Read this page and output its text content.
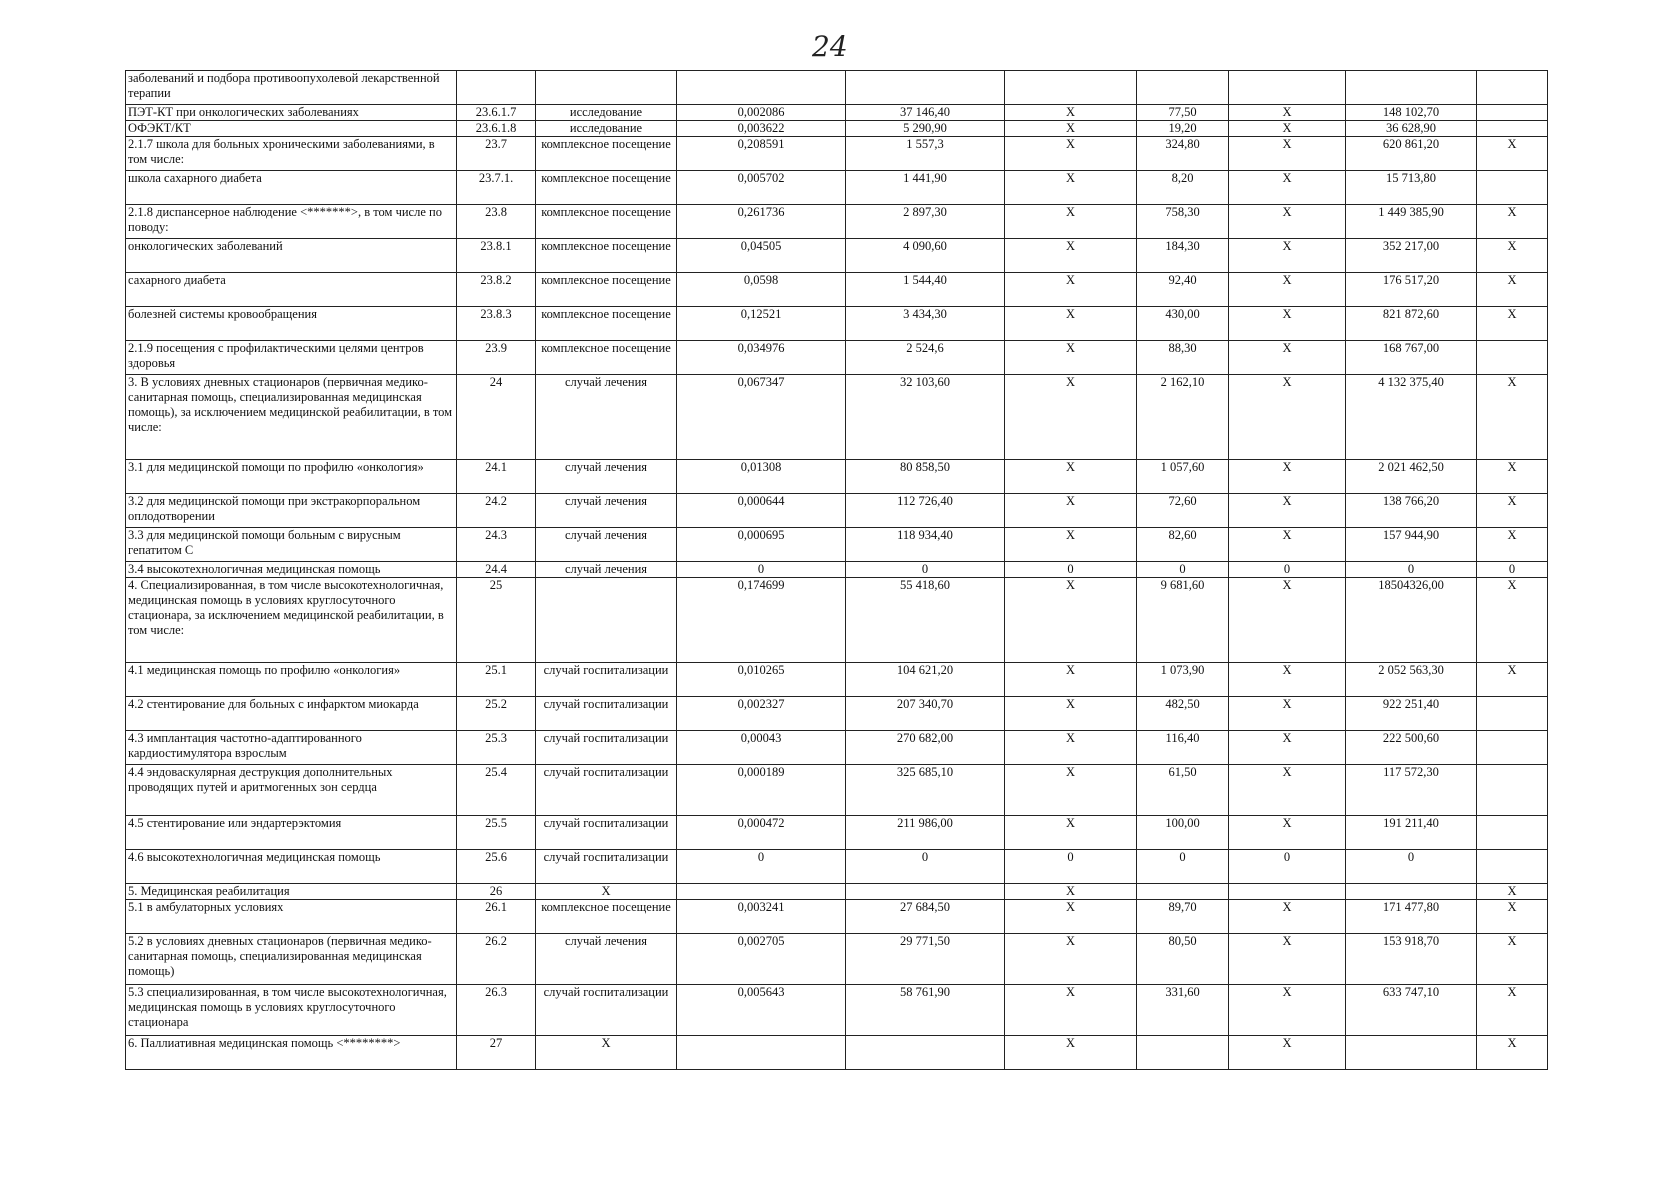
24
заболеваний и подбора противоопухолевой лекарственной терапии									
ПЭТ-КТ при онкологических заболеваниях	23.6.1.7	исследование	0,002086	37 146,40	X	77,50	X	148 102,70	
ОФЭКТ/КТ	23.6.1.8	исследование	0,003622	5 290,90	X	19,20	X	36 628,90	
2.1.7 школа для больных хроническими заболеваниями, в том числе:	23.7	комплексное посещение	0,208591	1 557,3	X	324,80	X	620 861,20	X
школа сахарного диабета	23.7.1.	комплексное посещение	0,005702	1 441,90	X	8,20	X	15 713,80	
2.1.8 диспансерное наблюдение <*******>, в том числе по поводу:	23.8	комплексное посещение	0,261736	2 897,30	X	758,30	X	1 449 385,90	X
онкологических заболеваний	23.8.1	комплексное посещение	0,04505	4 090,60	X	184,30	X	352 217,00	X
сахарного диабета	23.8.2	комплексное посещение	0,0598	1 544,40	X	92,40	X	176 517,20	X
болезней системы кровообращения	23.8.3	комплексное посещение	0,12521	3 434,30	X	430,00	X	821 872,60	X
2.1.9 посещения с профилактическими целями центров здоровья	23.9	комплексное посещение	0,034976	2 524,6	X	88,30	X	168 767,00	
3. В условиях дневных стационаров (первичная медико-санитарная помощь, специализированная медицинская помощь), за исключением медицинской реабилитации, в том числе:	24	случай лечения	0,067347	32 103,60	X	2 162,10	X	4 132 375,40	X
3.1 для медицинской помощи по профилю «онкология»	24.1	случай лечения	0,01308	80 858,50	X	1 057,60	X	2 021 462,50	X
3.2 для медицинской помощи при экстракорпоральном оплодотворении	24.2	случай лечения	0,000644	112 726,40	X	72,60	X	138 766,20	X
3.3 для медицинской помощи больным с вирусным гепатитом С	24.3	случай лечения	0,000695	118 934,40	X	82,60	X	157 944,90	X
3.4 высокотехнологичная медицинская помощь	24.4	случай лечения	0	0	0	0	0	0	0
4. Специализированная, в том числе высокотехнологичная, медицинская помощь в условиях круглосуточного стационара, за исключением медицинской реабилитации, в том числе:	25		0,174699	55 418,60	X	9 681,60	X	18504326,00	X
4.1 медицинская помощь по профилю «онкология»	25.1	случай госпитализации	0,010265	104 621,20	X	1 073,90	X	2 052 563,30	X
4.2 стентирование для больных с инфарктом миокарда	25.2	случай госпитализации	0,002327	207 340,70	X	482,50	X	922 251,40	
4.3 имплантация частотно-адаптированного кардиостимулятора взрослым	25.3	случай госпитализации	0,00043	270 682,00	X	116,40	X	222 500,60	
4.4 эндоваскулярная деструкция дополнительных проводящих путей и аритмогенных зон сердца	25.4	случай госпитализации	0,000189	325 685,10	X	61,50	X	117 572,30	
4.5 стентирование или эндартерэктомия	25.5	случай госпитализации	0,000472	211 986,00	X	100,00	X	191 211,40	
4.6 высокотехнологичная медицинская помощь	25.6	случай госпитализации	0	0	0	0	0	0	
5. Медицинская реабилитация	26	X			X				X
5.1 в амбулаторных условиях	26.1	комплексное посещение	0,003241	27 684,50	X	89,70	X	171 477,80	X
5.2 в условиях дневных стационаров (первичная медико-санитарная помощь, специализированная медицинская помощь)	26.2	случай лечения	0,002705	29 771,50	X	80,50	X	153 918,70	X
5.3 специализированная, в том числе высокотехнологичная, медицинская помощь в условиях круглосуточного стационара	26.3	случай госпитализации	0,005643	58 761,90	X	331,60	X	633 747,10	X
6. Паллиативная медицинская помощь <********>	27	X			X		X		X
